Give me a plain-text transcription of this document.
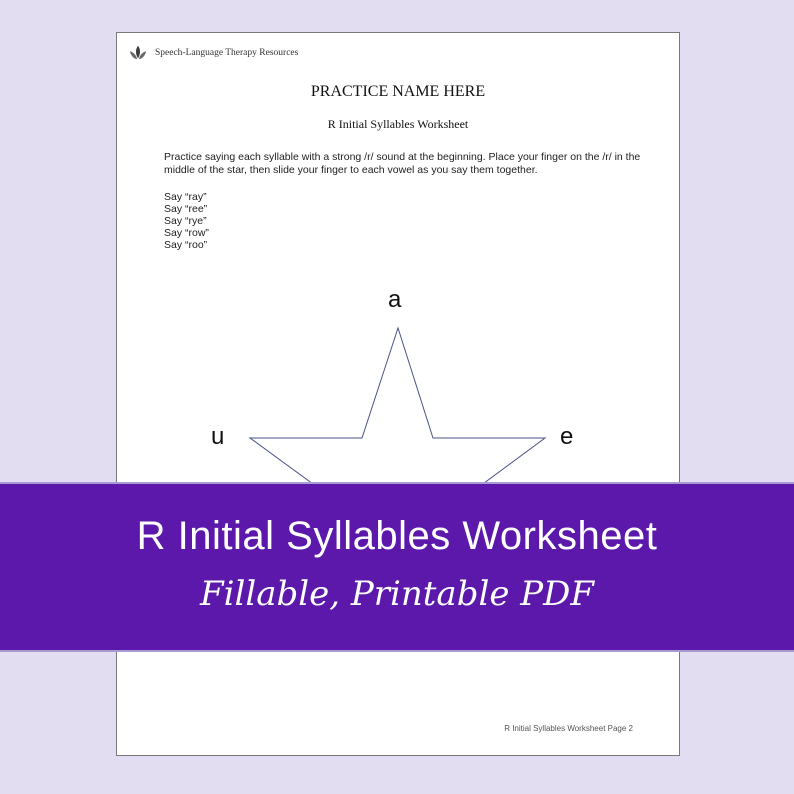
Speech-Language Therapy Resources
PRACTICE NAME HERE
R Initial Syllables Worksheet

Practice saying each syllable with a strong /r/ sound at the beginning. Place your finger on the /r/ in the middle of the star, then slide your finger to each vowel as you say them together.

Say “ray”
Say “ree”
Say “rye”
Say “row”
Say “roo”
a
u	e
R Initial Syllables Worksheet Page 2
R Initial Syllables Worksheet
Fillable, Printable PDF
